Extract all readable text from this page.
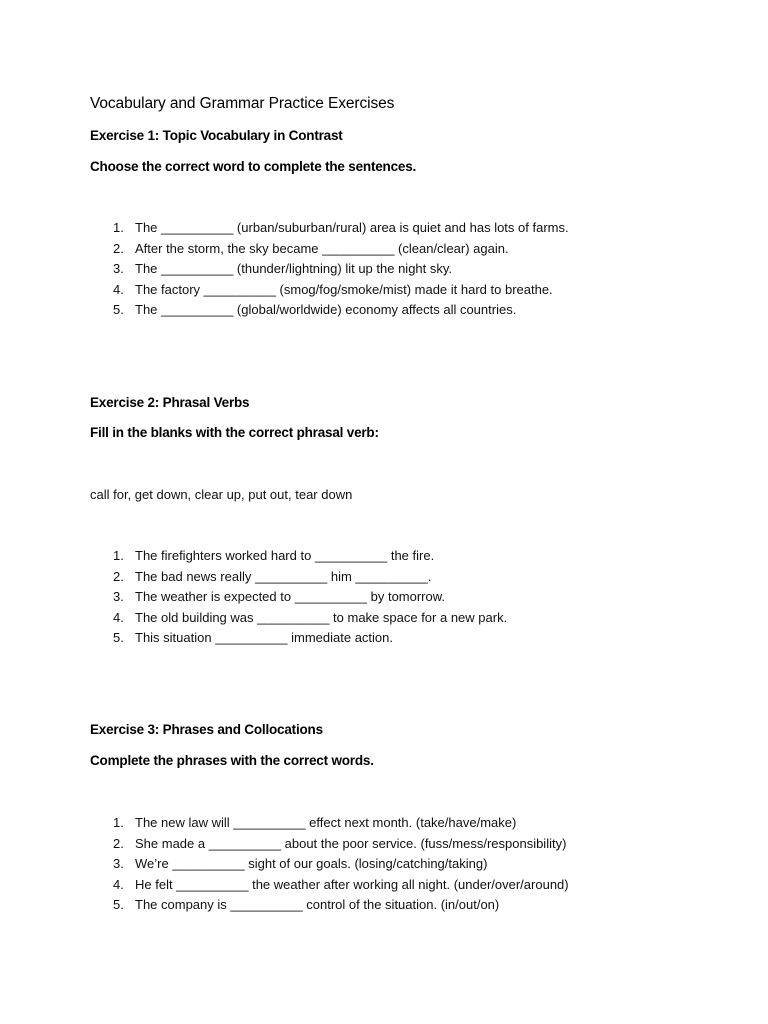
Vocabulary and Grammar Practice Exercises
Exercise 1: Topic Vocabulary in Contrast
Choose the correct word to complete the sentences.
1. The __________ (urban/suburban/rural) area is quiet and has lots of farms.
2. After the storm, the sky became __________ (clean/clear) again.
3. The __________ (thunder/lightning) lit up the night sky.
4. The factory __________ (smog/fog/smoke/mist) made it hard to breathe.
5. The __________ (global/worldwide) economy affects all countries.
Exercise 2: Phrasal Verbs
Fill in the blanks with the correct phrasal verb:
call for, get down, clear up, put out, tear down
1. The firefighters worked hard to __________ the fire.
2. The bad news really __________ him __________.
3. The weather is expected to __________ by tomorrow.
4. The old building was __________ to make space for a new park.
5. This situation __________ immediate action.
Exercise 3: Phrases and Collocations
Complete the phrases with the correct words.
1. The new law will __________ effect next month. (take/have/make)
2. She made a __________ about the poor service. (fuss/mess/responsibility)
3. We’re __________ sight of our goals. (losing/catching/taking)
4. He felt __________ the weather after working all night. (under/over/around)
5. The company is __________ control of the situation. (in/out/on)
